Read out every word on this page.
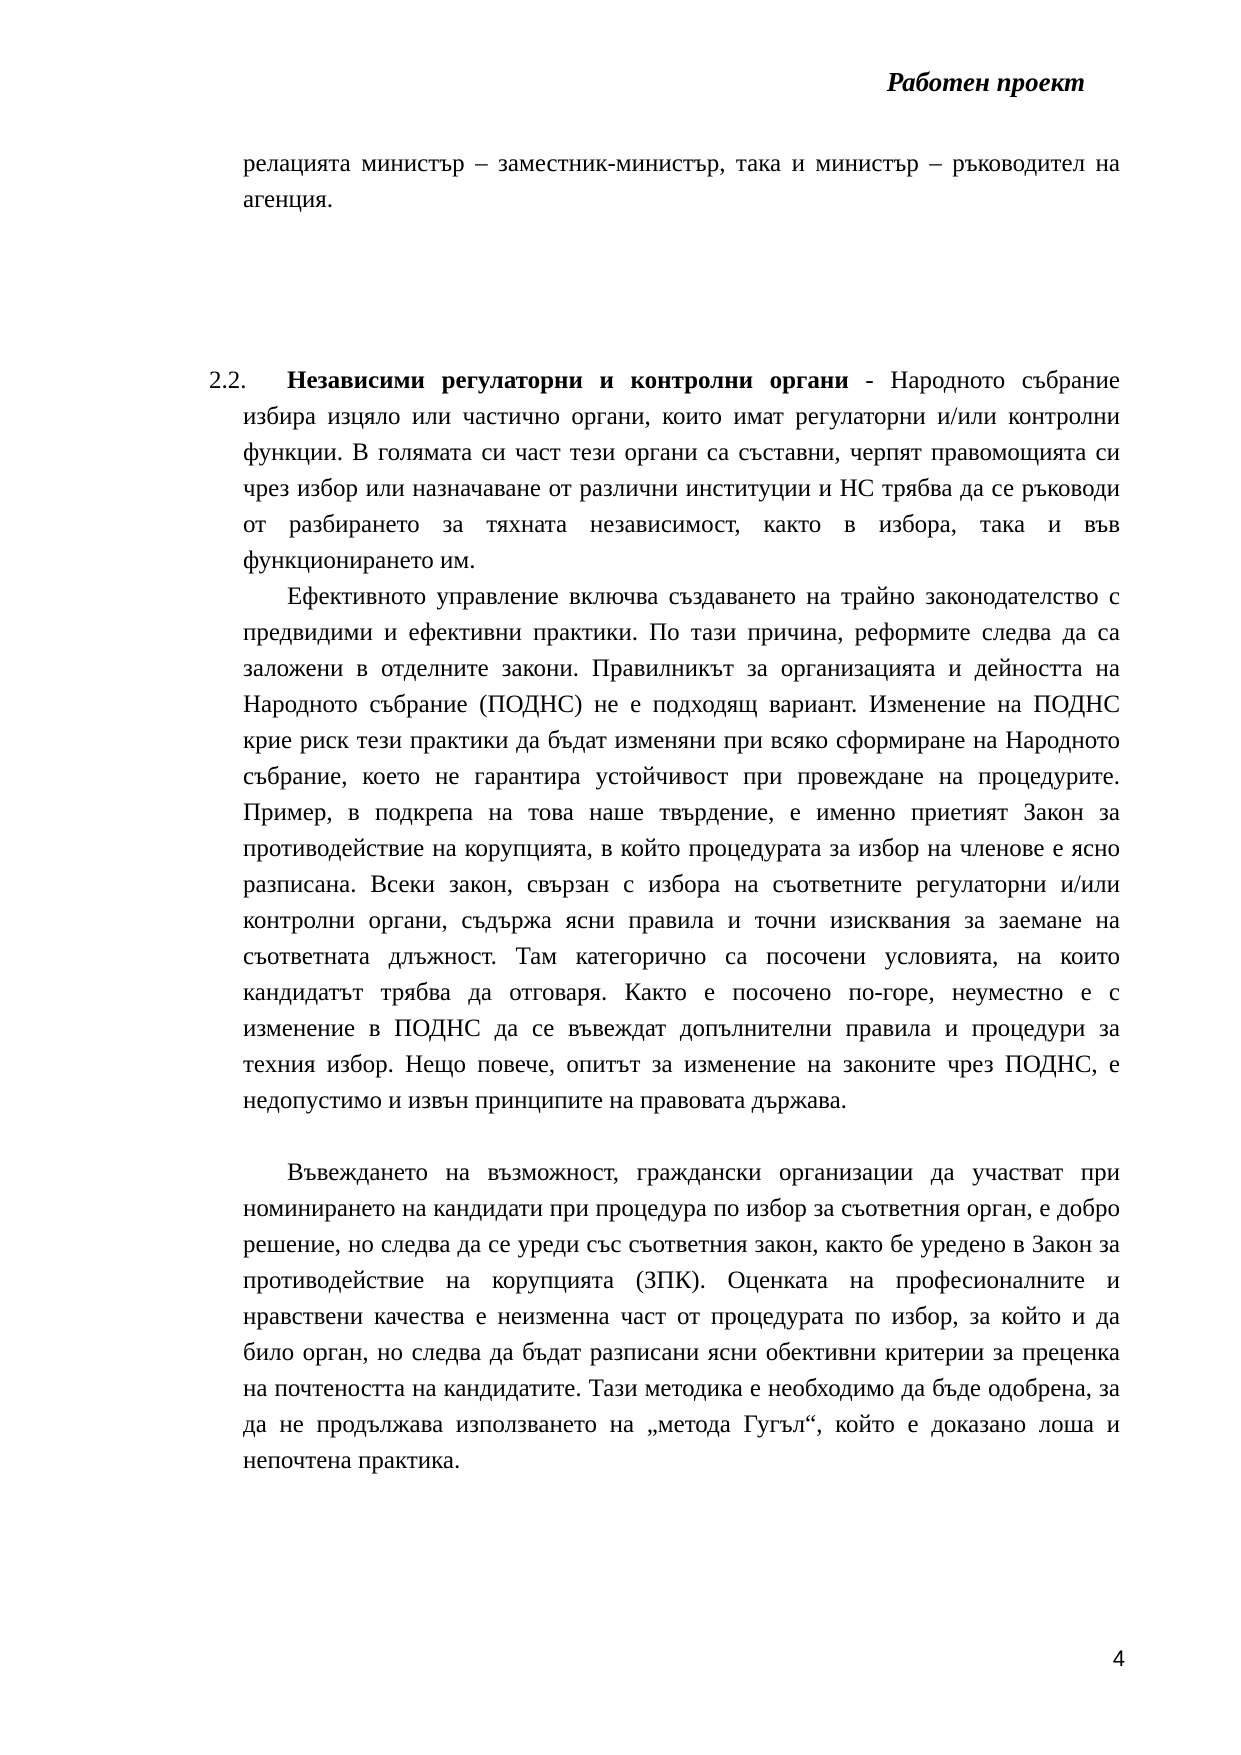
Работен проект

релацията министър – заместник-министър, така и министър – ръководител на агенция.

2.2. Независими регулаторни и контролни органи - Народното събрание избира изцяло или частично органи, които имат регулаторни и/или контролни функции. В голямата си част тези органи са съставни, черпят правомощията си чрез избор или назначаване от различни институции и НС трябва да се ръководи от разбирането за тяхната независимост, както в избора, така и във функционирането им.

Ефективното управление включва създаването на трайно законодателство с предвидими и ефективни практики. По тази причина, реформите следва да са заложени в отделните закони. Правилникът за организацията и дейността на Народното събрание (ПОДНС) не е подходящ вариант. Изменение на ПОДНС крие риск тези практики да бъдат изменяни при всяко сформиране на Народното събрание, което не гарантира устойчивост при провеждане на процедурите. Пример, в подкрепа на това наше твърдение, е именно приетият Закон за противодействие на корупцията, в който процедурата за избор на членове е ясно разписана. Всеки закон, свързан с избора на съответните регулаторни и/или контролни органи, съдържа ясни правила и точни изисквания за заемане на съответната длъжност. Там категорично са посочени условията, на които кандидатът трябва да отговаря. Както е посочено по-горе, неуместно е с изменение в ПОДНС да се въвеждат допълнителни правила и процедури за техния избор. Нещо повече, опитът за изменение на законите чрез ПОДНС, е недопустимо и извън принципите на правовата държава.

Въвеждането на възможност, граждански организации да участват при номинирането на кандидати при процедура по избор за съответния орган, е добро решение, но следва да се уреди със съответния закон, както бе уредено в Закон за противодействие на корупцията (ЗПК). Оценката на професионалните и нравствени качества е неизменна част от процедурата по избор, за който и да било орган, но следва да бъдат разписани ясни обективни критерии за преценка на почтеността на кандидатите. Тази методика е необходимо да бъде одобрена, за да не продължава използването на „метода Гугъл“, който е доказано лоша и непочтена практика.

4
